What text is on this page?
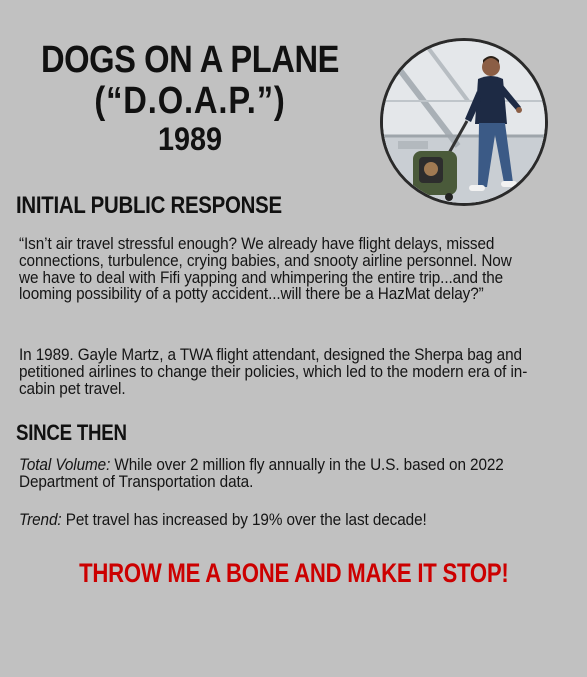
DOGS ON A PLANE
(“D.O.A.P.”)
1989
INITIAL PUBLIC RESPONSE
“Isn’t air travel stressful enough? We already have flight delays, missed connections, turbulence, crying babies, and snooty airline personnel. Now we have to deal with Fifi yapping and whimpering the entire trip...and the looming possibility of a potty accident...will there be a HazMat delay?”
In 1989. Gayle Martz, a TWA flight attendant, designed the Sherpa bag and petitioned airlines to change their policies, which led to the modern era of in-cabin pet travel.
SINCE THEN
Total Volume: While over 2 million fly annually in the U.S. based on 2022 Department of Transportation data.
Trend: Pet travel has increased by 19% over the last decade!
THROW ME A BONE AND MAKE IT STOP!
